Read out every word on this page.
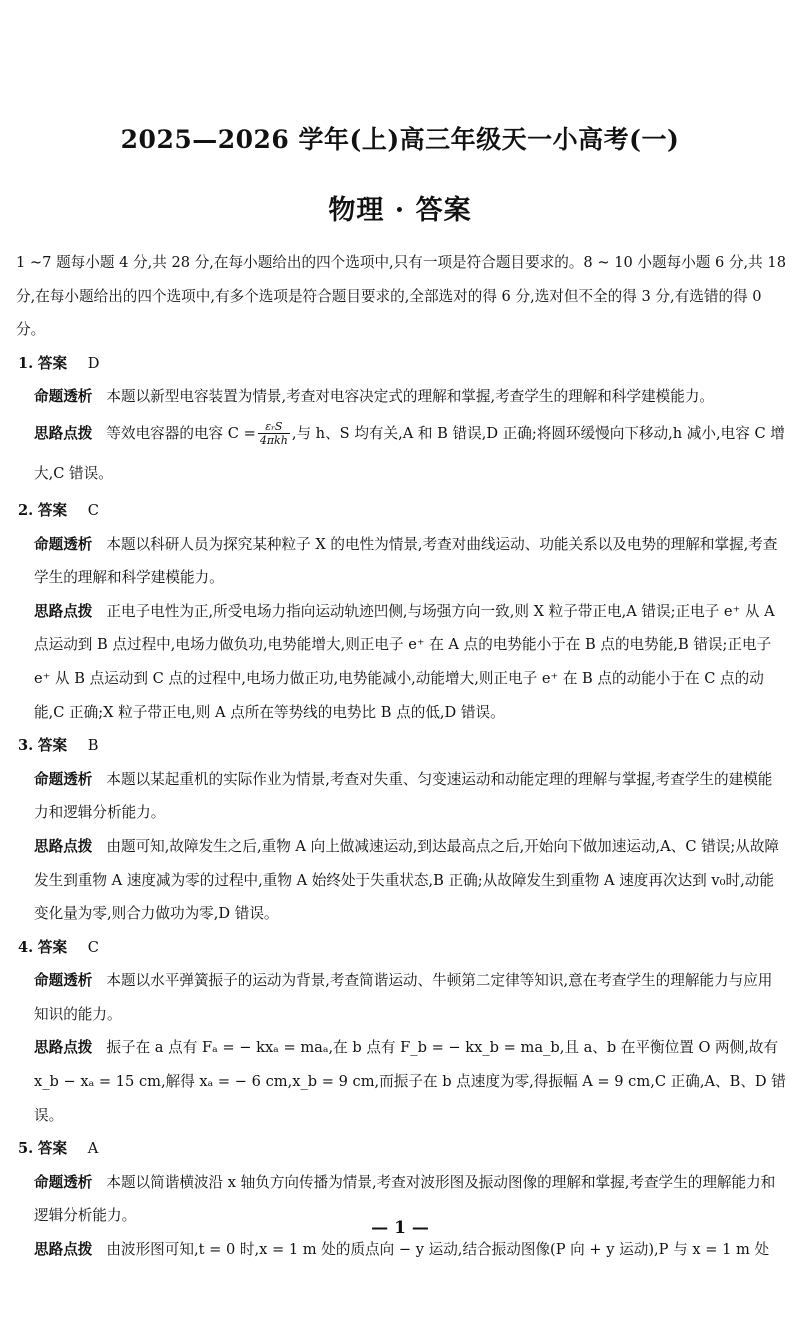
2025—2026 学年(上)高三年级天一小高考(一)
物理 · 答案

1 ~7 题每小题 4 分,共 28 分,在每小题给出的四个选项中,只有一项是符合题目要求的。8 ~ 10 小题每小题 6 分,共 18 分,在每小题给出的四个选项中,有多个选项是符合题目要求的,全部选对的得 6 分,选对但不全的得 3 分,有选错的得 0 分。

1. 答案 D

命题透析 本题以新型电容装置为情景,考查对电容决定式的理解和掌握,考查学生的理解和科学建模能力。

思路点拨 等效电容器的电容 $C = \frac{\text{εᵣS}}{\text{4πkh}}$ ,与 h、S 均有关,A 和 B 错误,D 正确;将圆环缓慢向下移动,h 减小,电容 C 增大,C 错误。

2. 答案 C

命题透析 本题以科研人员为探究某种粒子 X 的电性为情景,考查对曲线运动、功能关系以及电势的理解和掌握,考查学生的理解和科学建模能力。

思路点拨 正电子电性为正,所受电场力指向运动轨迹凹侧,与场强方向一致,则 X 粒子带正电,A 错误;正电子 e⁺ 从 A 点运动到 B 点过程中,电场力做负功,电势能增大,则正电子 e⁺ 在 A 点的电势能小于在 B 点的电势能,B 错误;正电子 e⁺ 从 B 点运动到 C 点的过程中,电场力做正功,电势能减小,动能增大,则正电子 e⁺ 在 B 点的动能小于在 C 点的动能,C 正确;X 粒子带正电,则 A 点所在等势线的电势比 B 点的低,D 错误。

3. 答案 B

命题透析 本题以某起重机的实际作业为情景,考查对失重、匀变速运动和动能定理的理解与掌握,考查学生的建模能力和逻辑分析能力。

思路点拨 由题可知,故障发生之后,重物 A 向上做减速运动,到达最高点之后,开始向下做加速运动,A、C 错误;从故障发生到重物 A 速度减为零的过程中,重物 A 始终处于失重状态,B 正确;从故障发生到重物 A 速度再次达到 v₀时,动能变化量为零,则合力做功为零,D 错误。

4. 答案 C

命题透析 本题以水平弹簧振子的运动为背景,考查简谐运动、牛顿第二定律等知识,意在考查学生的理解能力与应用知识的能力。

思路点拨 振子在 a 点有 Fₐ = − kxₐ = maₐ,在 b 点有 F_b = − kx_b = ma_b,且 a、b 在平衡位置 O 两侧,故有 x_b − xₐ = 15 cm,解得 xₐ = − 6 cm,x_b = 9 cm,而振子在 b 点速度为零,得振幅 A = 9 cm,C 正确,A、B、D 错误。

5. 答案 A

命题透析 本题以简谐横波沿 x 轴负方向传播为情景,考查对波形图及振动图像的理解和掌握,考查学生的理解能力和逻辑分析能力。

思路点拨 由波形图可知,t = 0 时,x = 1 m 处的质点向 − y 运动,结合振动图像(P 向 + y 运动),P 与 x = 1 m 处

— 1 —
